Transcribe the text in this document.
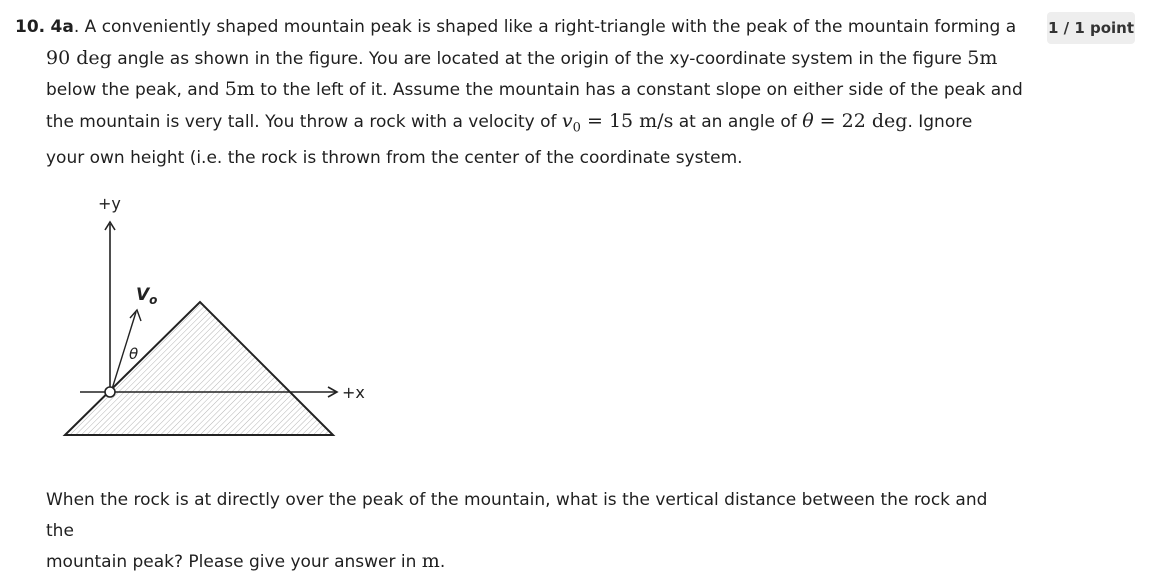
10. 4a. A conveniently shaped mountain peak is shaped like a right-triangle with the peak of the mountain forming a
90 deg angle as shown in the figure. You are located at the origin of the xy-coordinate system in the figure 5m
below the peak, and 5m to the left of it. Assume the mountain has a constant slope on either side of the peak and
the mountain is very tall. You throw a rock with a velocity of $v_0 = 15$ m/s at an angle of θ = 22 deg. Ignore
your own height (i.e. the rock is thrown from the center of the coordinate system.
1 / 1 point
+y
+x
$V_o$
θ
When the rock is at directly over the peak of the mountain, what is the vertical distance between the rock and the
mountain peak? Please give your answer in m.
